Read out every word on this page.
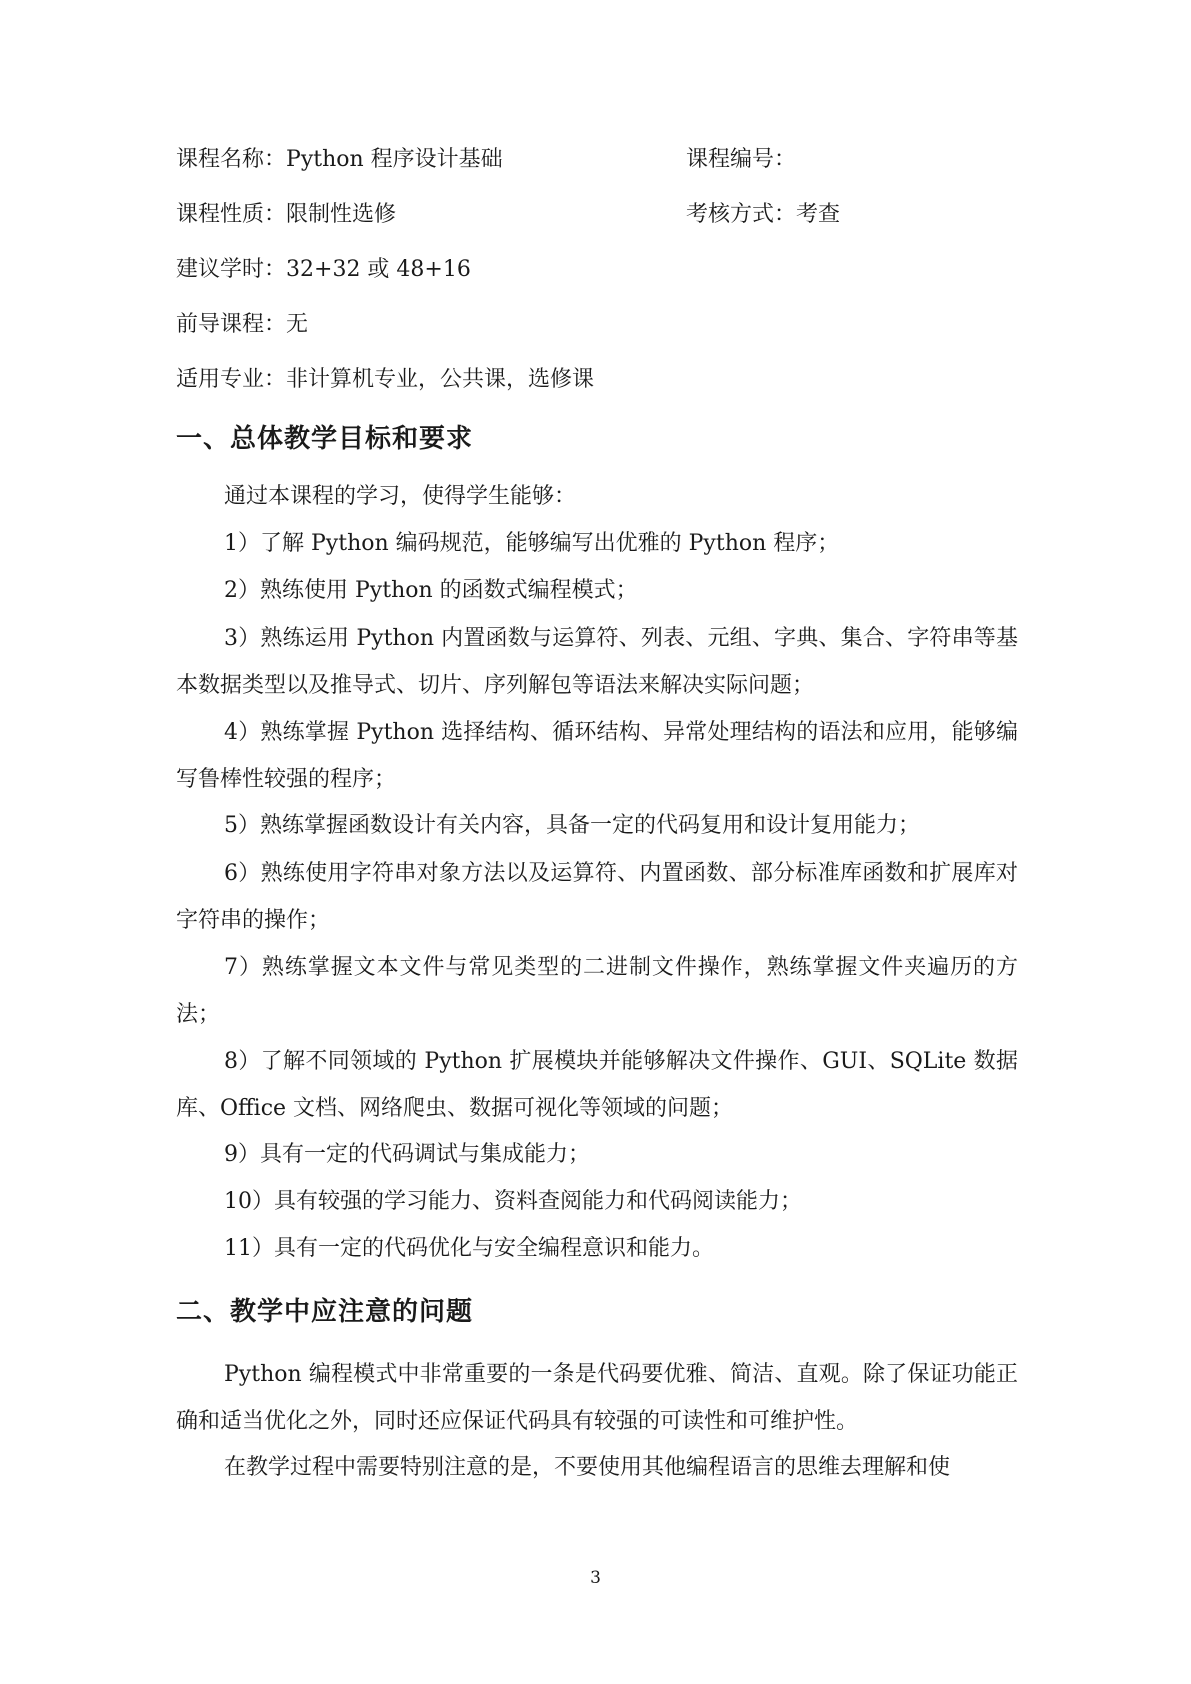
课程名称：Python 程序设计基础	课程编号：
课程性质：限制性选修	考核方式：考查
建议学时：32+32 或 48+16
前导课程：无
适用专业：非计算机专业，公共课，选修课
一、总体教学目标和要求
通过本课程的学习，使得学生能够：
1）了解 Python 编码规范，能够编写出优雅的 Python 程序；
2）熟练使用 Python 的函数式编程模式；
3）熟练运用 Python 内置函数与运算符、列表、元组、字典、集合、字符串等基本数据类型以及推导式、切片、序列解包等语法来解决实际问题；
4）熟练掌握 Python 选择结构、循环结构、异常处理结构的语法和应用，能够编写鲁棒性较强的程序；
5）熟练掌握函数设计有关内容，具备一定的代码复用和设计复用能力；
6）熟练使用字符串对象方法以及运算符、内置函数、部分标准库函数和扩展库对字符串的操作；
7）熟练掌握文本文件与常见类型的二进制文件操作，熟练掌握文件夹遍历的方法；
8）了解不同领域的 Python 扩展模块并能够解决文件操作、GUI、SQLite 数据库、Office 文档、网络爬虫、数据可视化等领域的问题；
9）具有一定的代码调试与集成能力；
10）具有较强的学习能力、资料查阅能力和代码阅读能力；
11）具有一定的代码优化与安全编程意识和能力。
二、教学中应注意的问题
Python 编程模式中非常重要的一条是代码要优雅、简洁、直观。除了保证功能正确和适当优化之外，同时还应保证代码具有较强的可读性和可维护性。
在教学过程中需要特别注意的是，不要使用其他编程语言的思维去理解和使
3
